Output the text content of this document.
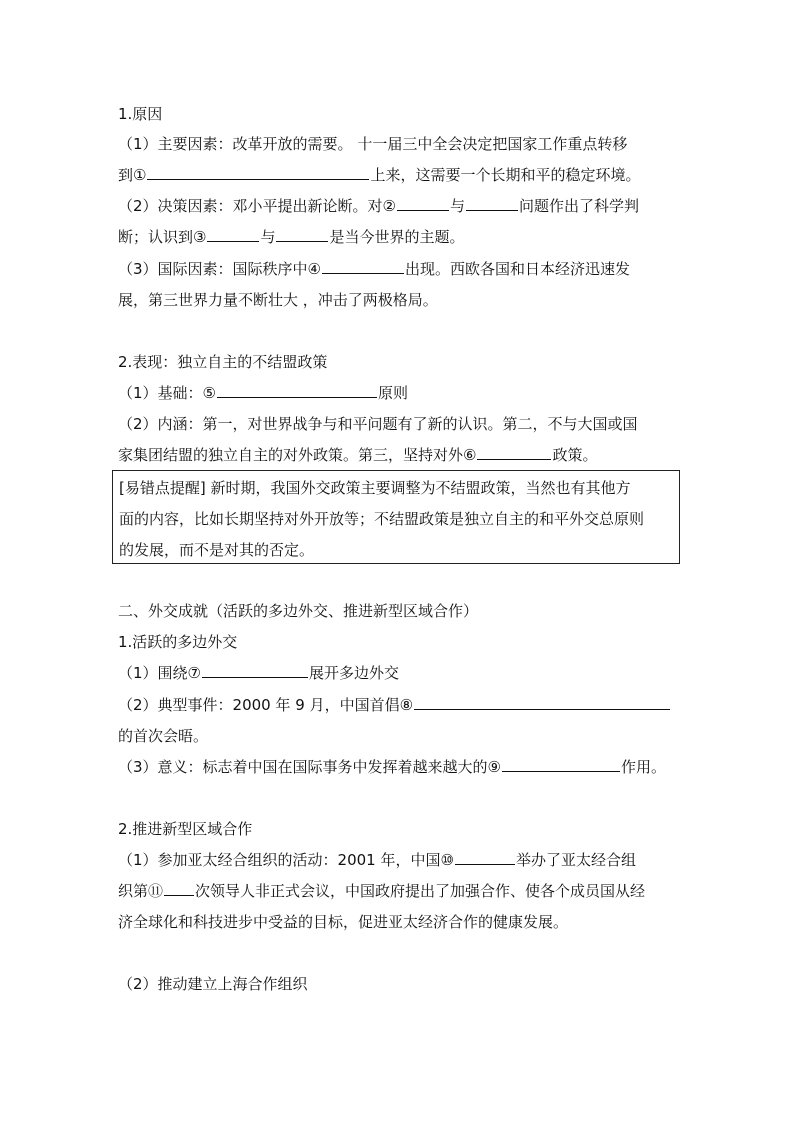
1.原因
（1）主要因素：改革开放的需要。 十一届三中全会决定把国家工作重点转移
到①	上来，这需要一个长期和平的稳定环境。
（2）决策因素：邓小平提出新论断。对②	与	问题作出了科学判
断；认识到③	与	是当今世界的主题。
（3）国际因素：国际秩序中④	出现。西欧各国和日本经济迅速发
展，第三世界力量不断壮大 ，冲击了两极格局。
2.表现：独立自主的不结盟政策
（1）基础：⑤	原则
（2）内涵：第一，对世界战争与和平问题有了新的认识。第二，不与大国或国
家集团结盟的独立自主的对外政策。第三，坚持对外⑥	政策。
[易错点提醒] 新时期，我国外交政策主要调整为不结盟政策，当然也有其他方
面的内容，比如长期坚持对外开放等；不结盟政策是独立自主的和平外交总原则
的发展，而不是对其的否定。
二、外交成就（活跃的多边外交、推进新型区域合作）
1.活跃的多边外交
（1）围绕⑦	展开多边外交
（2）典型事件：2000 年 9 月，中国首倡⑧
的首次会晤。
（3）意义：标志着中国在国际事务中发挥着越来越大的⑨	作用。
2.推进新型区域合作
（1）参加亚太经合组织的活动：2001 年，中国⑩	举办了亚太经合组
织第⑪ 次领导人非正式会议，中国政府提出了加强合作、使各个成员国从经
济全球化和科技进步中受益的目标，促进亚太经济合作的健康发展。
（2）推动建立上海合作组织
